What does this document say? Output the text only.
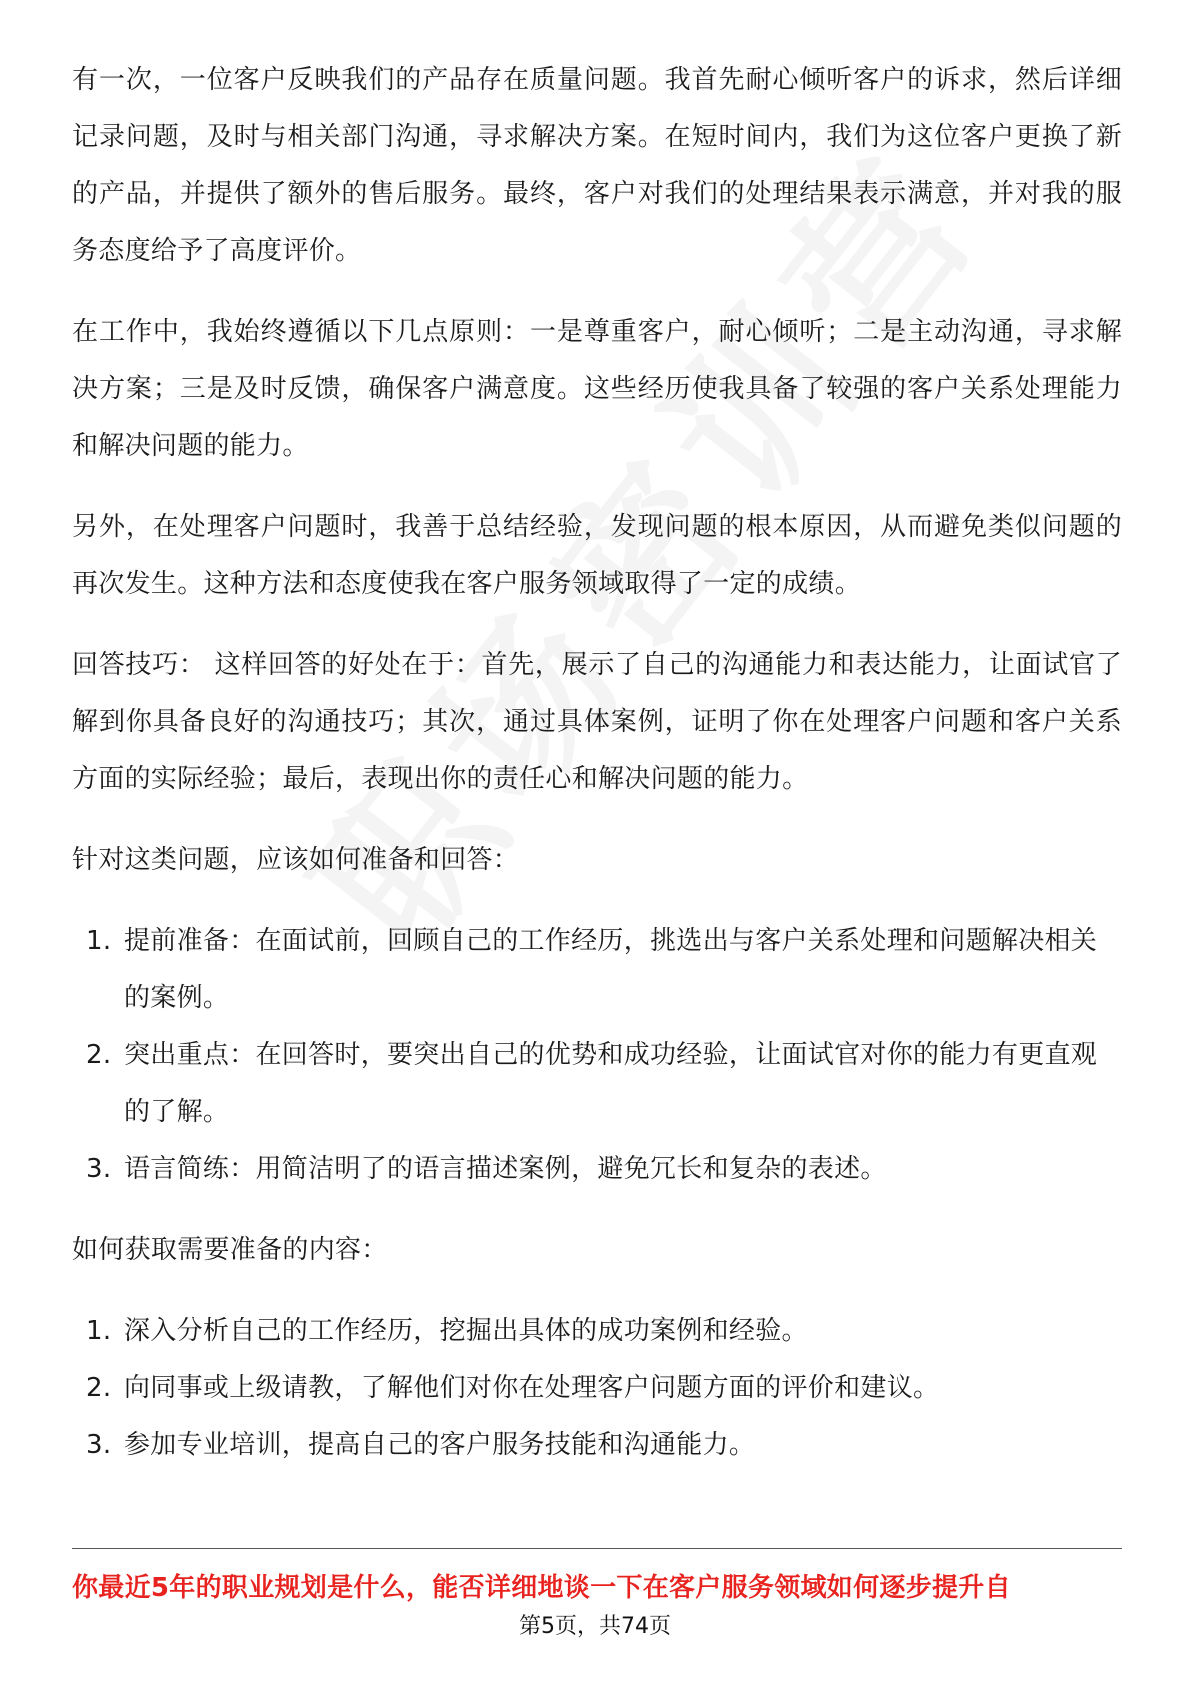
有一次，一位客户反映我们的产品存在质量问题。我首先耐心倾听客户的诉求，然后详细记录问题，及时与相关部门沟通，寻求解决方案。在短时间内，我们为这位客户更换了新的产品，并提供了额外的售后服务。最终，客户对我们的处理结果表示满意，并对我的服务态度给予了高度评价。

在工作中，我始终遵循以下几点原则：一是尊重客户，耐心倾听；二是主动沟通，寻求解决方案；三是及时反馈，确保客户满意度。这些经历使我具备了较强的客户关系处理能力和解决问题的能力。

另外，在处理客户问题时，我善于总结经验，发现问题的根本原因，从而避免类似问题的再次发生。这种方法和态度使我在客户服务领域取得了一定的成绩。

回答技巧： 这样回答的好处在于：首先，展示了自己的沟通能力和表达能力，让面试官了解到你具备良好的沟通技巧；其次，通过具体案例，证明了你在处理客户问题和客户关系方面的实际经验；最后，表现出你的责任心和解决问题的能力。

针对这类问题，应该如何准备和回答：

1. 提前准备：在面试前，回顾自己的工作经历，挑选出与客户关系处理和问题解决相关的案例。
2. 突出重点：在回答时，要突出自己的优势和成功经验，让面试官对你的能力有更直观的了解。
3. 语言简练：用简洁明了的语言描述案例，避免冗长和复杂的表述。

如何获取需要准备的内容：

1. 深入分析自己的工作经历，挖掘出具体的成功案例和经验。
2. 向同事或上级请教，了解他们对你在处理客户问题方面的评价和建议。
3. 参加专业培训，提高自己的客户服务技能和沟通能力。
你最近5年的职业规划是什么，能否详细地谈一下在客户服务领域如何逐步提升自
第5页，共74页
